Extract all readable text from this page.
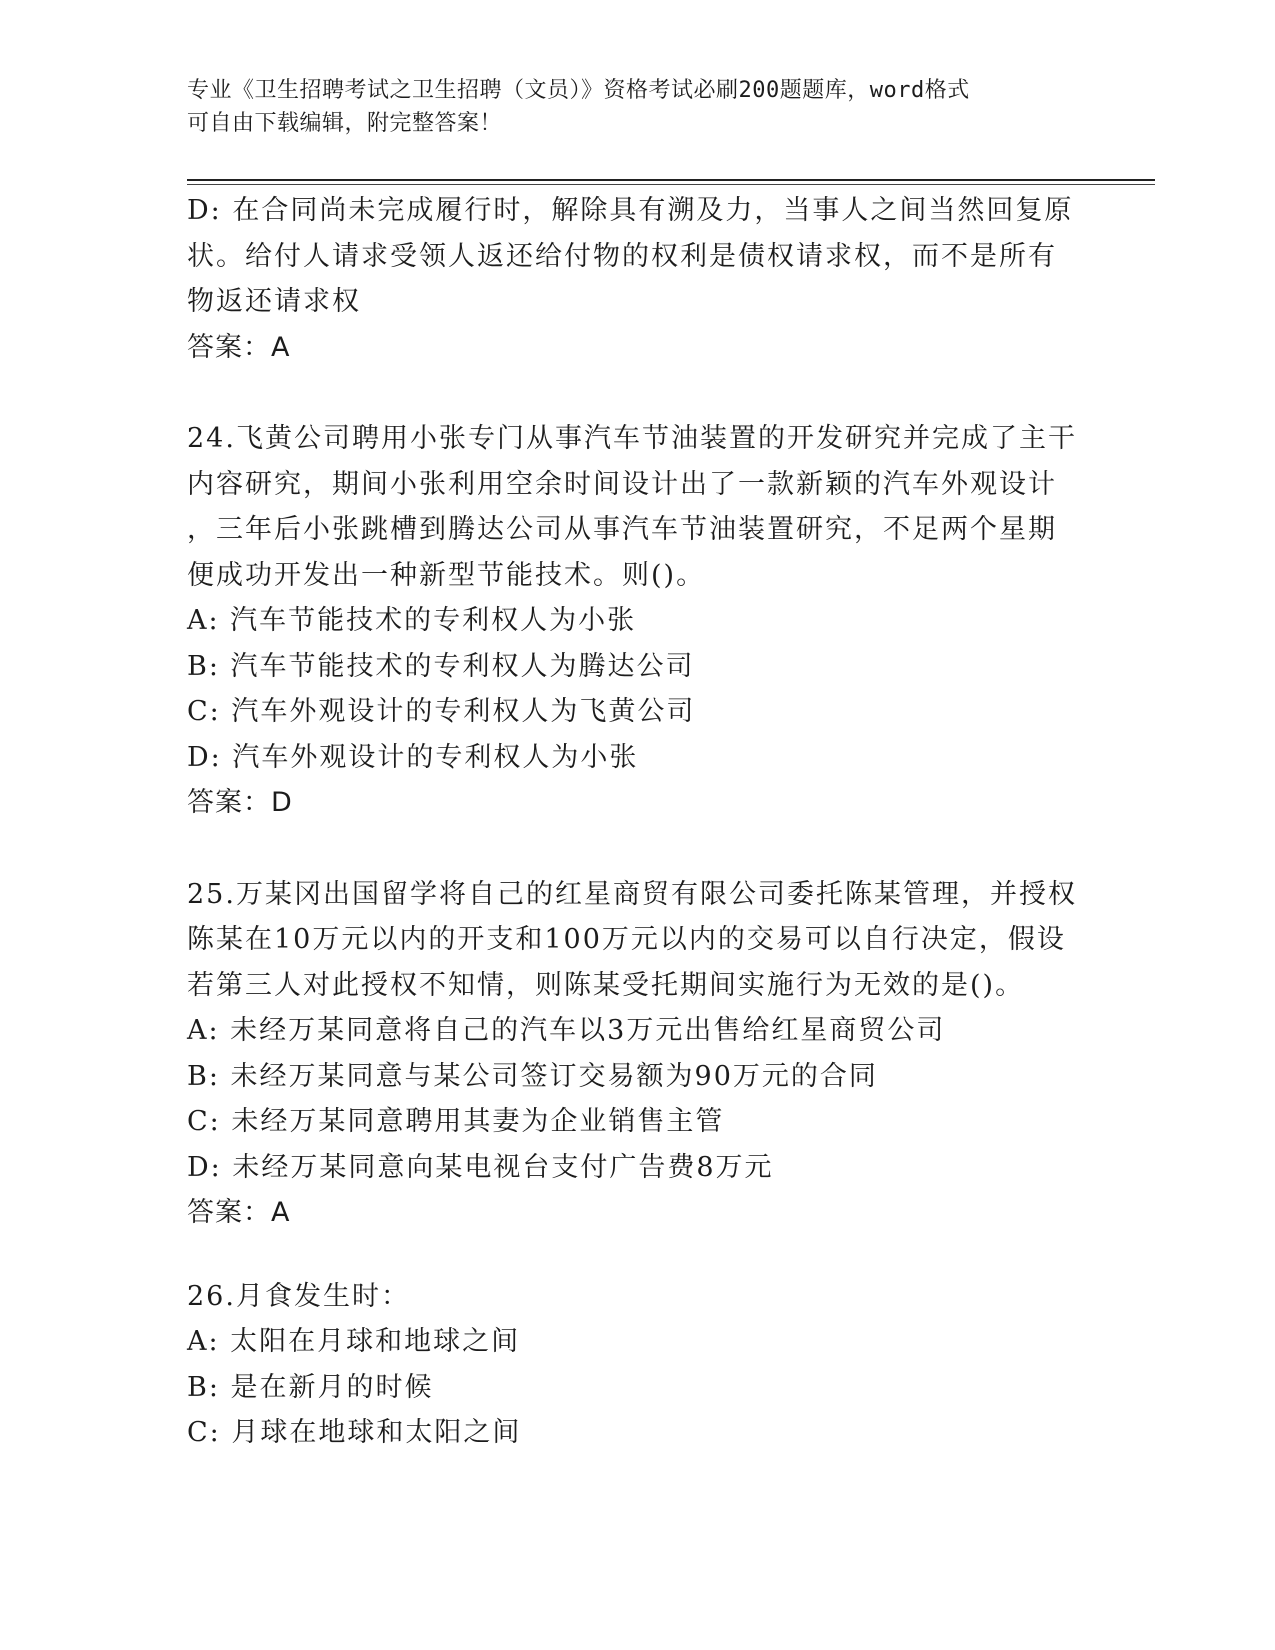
专业《卫生招聘考试之卫生招聘（文员）》资格考试必刷200题题库，word格式
可自由下载编辑，附完整答案！
D: 在合同尚未完成履行时，解除具有溯及力，当事人之间当然回复原
状。给付人请求受领人返还给付物的权利是债权请求权，而不是所有
物返还请求权
答案：A
24.飞黄公司聘用小张专门从事汽车节油装置的开发研究并完成了主干
内容研究，期间小张利用空余时间设计出了一款新颖的汽车外观设计
，三年后小张跳槽到腾达公司从事汽车节油装置研究，不足两个星期
便成功开发出一种新型节能技术。则()。
A: 汽车节能技术的专利权人为小张
B: 汽车节能技术的专利权人为腾达公司
C: 汽车外观设计的专利权人为飞黄公司
D: 汽车外观设计的专利权人为小张
答案：D
25.万某冈出国留学将自己的红星商贸有限公司委托陈某管理，并授权
陈某在10万元以内的开支和100万元以内的交易可以自行决定，假设
若第三人对此授权不知情，则陈某受托期间实施行为无效的是()。
A: 未经万某同意将自己的汽车以3万元出售给红星商贸公司
B: 未经万某同意与某公司签订交易额为90万元的合同
C: 未经万某同意聘用其妻为企业销售主管
D: 未经万某同意向某电视台支付广告费8万元
答案：A
26.月食发生时：
A: 太阳在月球和地球之间
B: 是在新月的时候
C: 月球在地球和太阳之间
